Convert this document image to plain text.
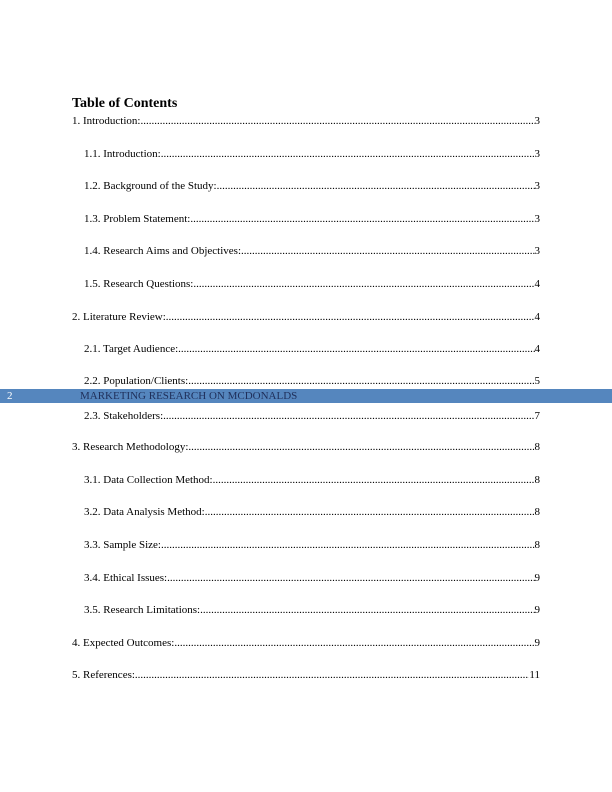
Table of Contents
1. Introduction: .....	3
1.1. Introduction: .....	3
1.2. Background of the Study: .....	3
1.3. Problem Statement: .....	3
1.4. Research Aims and Objectives: .....	3
1.5. Research Questions: .....	4
2. Literature Review: .....	4
2.1. Target Audience: .....	4
2.2. Population/Clients: .....	5
2	MARKETING RESEARCH ON MCDONALDS
2.3. Stakeholders: .....	7
3. Research Methodology: .....	8
3.1. Data Collection Method: .....	8
3.2. Data Analysis Method: .....	8
3.3. Sample Size: .....	8
3.4. Ethical Issues: .....	9
3.5. Research Limitations: .....	9
4. Expected Outcomes: .....	9
5. References: .....	11
